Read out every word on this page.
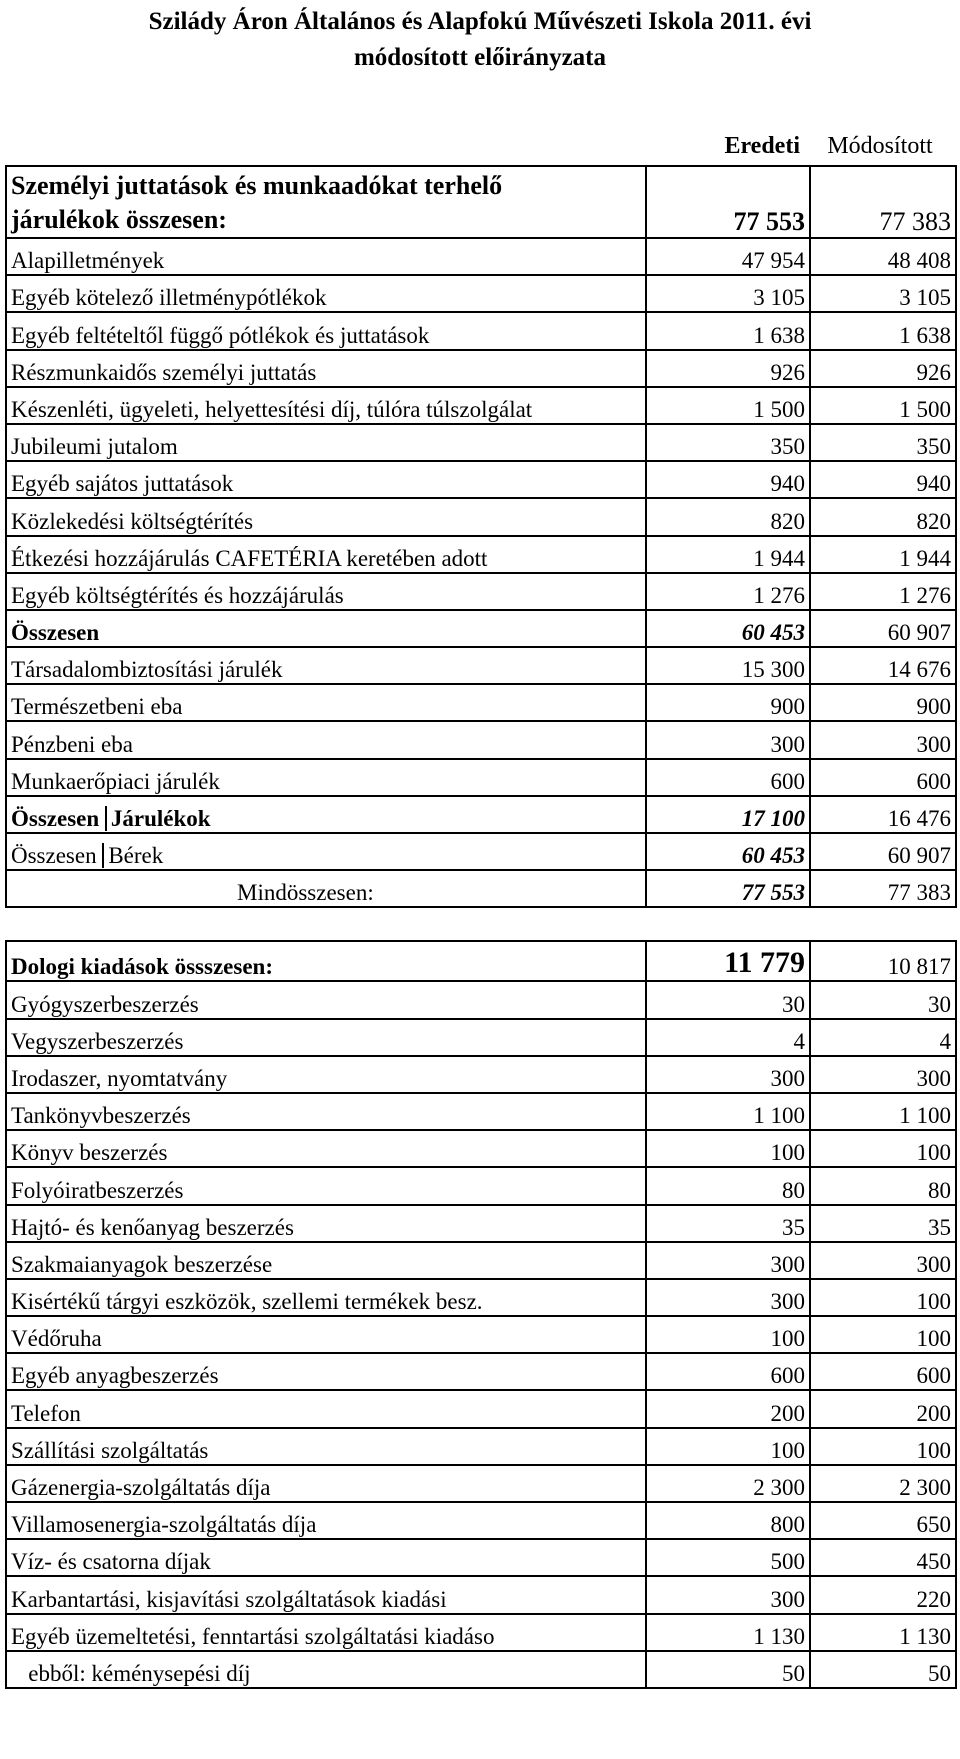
Szilády Áron Általános és Alapfokú Művészeti Iskola 2011. évi
módosított előirányzata
Eredeti	Módosított
Személyi juttatások és munkaadókat terhelő
járulékok összesen:	77 553	77 383
Alapilletmények	47 954	48 408
Egyéb kötelező illetménypótlékok	3 105	3 105
Egyéb feltételtől függő pótlékok és juttatások	1 638	1 638
Részmunkaidős személyi juttatás	926	926
Készenléti, ügyeleti, helyettesítési díj, túlóra túlszolgálat	1 500	1 500
Jubileumi jutalom	350	350
Egyéb sajátos juttatások	940	940
Közlekedési költségtérítés	820	820
Étkezési hozzájárulás CAFETÉRIA keretében adott	1 944	1 944
Egyéb költségtérítés és hozzájárulás	1 276	1 276
Összesen	60 453	60 907
Társadalombiztosítási járulék	15 300	14 676
Természetbeni eba	900	900
Pénzbeni eba	300	300
Munkaerőpiaci járulék	600	600
Összesen Járulékok	17 100	16 476
Összesen Bérek	60 453	60 907
Mindösszesen:	77 553	77 383

Dologi kiadások össszesen:	11 779	10 817
Gyógyszerbeszerzés	30	30
Vegyszerbeszerzés	4	4
Irodaszer, nyomtatvány	300	300
Tankönyvbeszerzés	1 100	1 100
Könyv beszerzés	100	100
Folyóiratbeszerzés	80	80
Hajtó- és kenőanyag beszerzés	35	35
Szakmaianyagok beszerzése	300	300
Kisértékű tárgyi eszközök, szellemi termékek besz.	300	100
Védőruha	100	100
Egyéb anyagbeszerzés	600	600
Telefon	200	200
Szállítási szolgáltatás	100	100
Gázenergia-szolgáltatás díja	2 300	2 300
Villamosenergia-szolgáltatás díja	800	650
Víz- és csatorna díjak	500	450
Karbantartási, kisjavítási szolgáltatások kiadási	300	220
Egyéb üzemeltetési, fenntartási szolgáltatási kiadáso	1 130	1 130
ebből: kéménysepési díj	50	50
